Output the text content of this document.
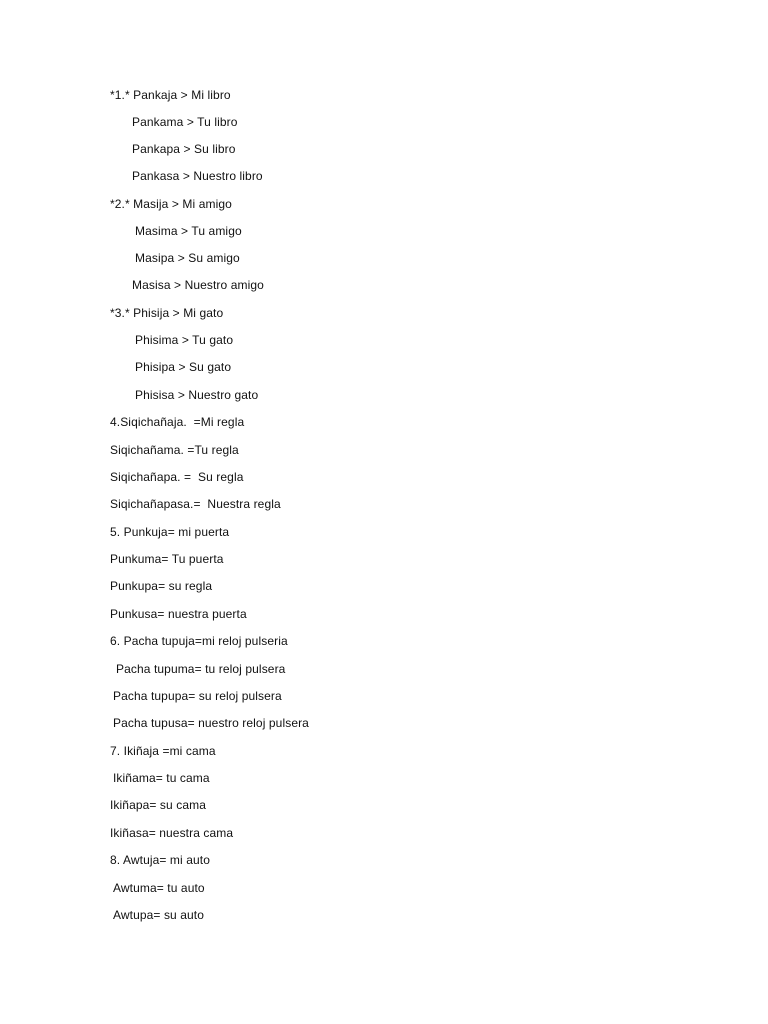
*1.* Pankaja > Mi libro
Pankama > Tu libro
Pankapa > Su libro
Pankasa > Nuestro libro
*2.* Masija > Mi amigo
Masima > Tu amigo
Masipa > Su amigo
Masisa > Nuestro amigo
*3.* Phisija > Mi gato
Phisima > Tu gato
Phisipa > Su gato
Phisisa > Nuestro gato
4.Siqichañaja.  =Mi regla
Siqichañama. =Tu regla
Siqichañapa. =  Su regla
Siqichañapasa.=  Nuestra regla
5. Punkuja= mi puerta
Punkuma= Tu puerta
Punkupa= su regla
Punkusa= nuestra puerta
6. Pacha tupuja=mi reloj pulseria
Pacha tupuma= tu reloj pulsera
Pacha tupupa= su reloj pulsera
Pacha tupusa= nuestro reloj pulsera
7. Ikiñaja =mi cama
Ikiñama= tu cama
Ikiñapa= su cama
Ikiñasa= nuestra cama
8. Awtuja= mi auto
Awtuma= tu auto
Awtupa= su auto
